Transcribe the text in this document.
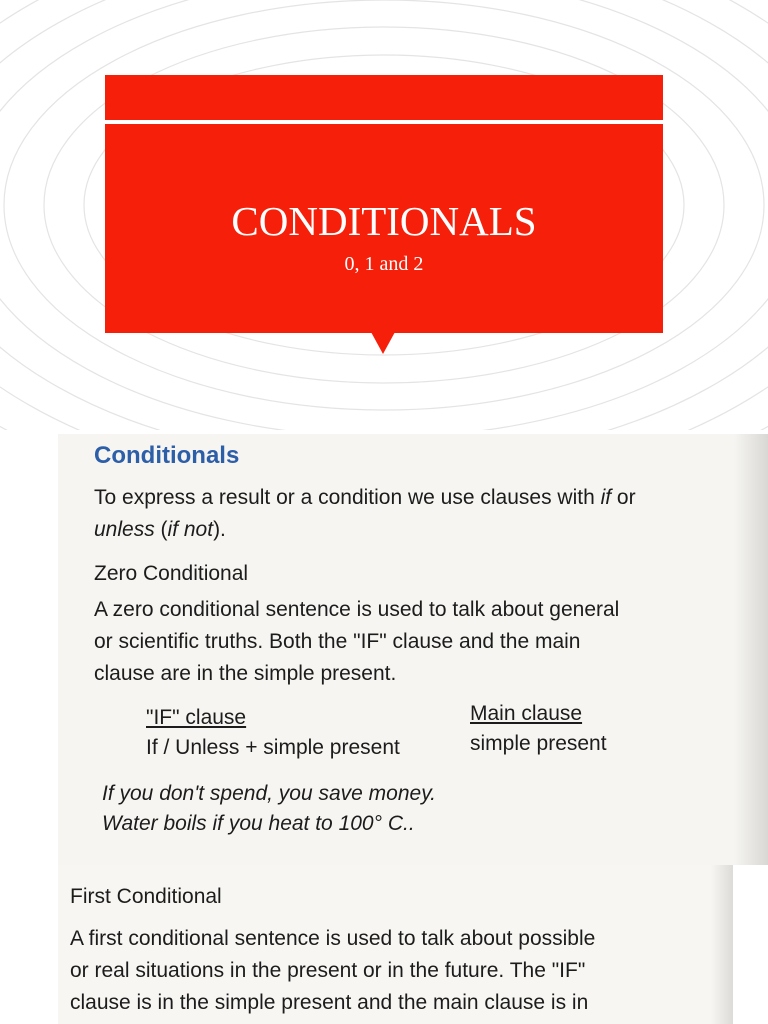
CONDITIONALS
0, 1 and 2
Conditionals
To express a result or a condition we use clauses with if or
unless (if not).
Zero Conditional
A zero conditional sentence is used to talk about general
or scientific truths. Both the "IF" clause and the main
clause are in the simple present.
"IF" clause	Main clause
If / Unless + simple present	simple present
If you don't spend, you save money.
Water boils if you heat to 100° C..
First Conditional
A first conditional sentence is used to talk about possible
or real situations in the present or in the future. The "IF"
clause is in the simple present and the main clause is in
